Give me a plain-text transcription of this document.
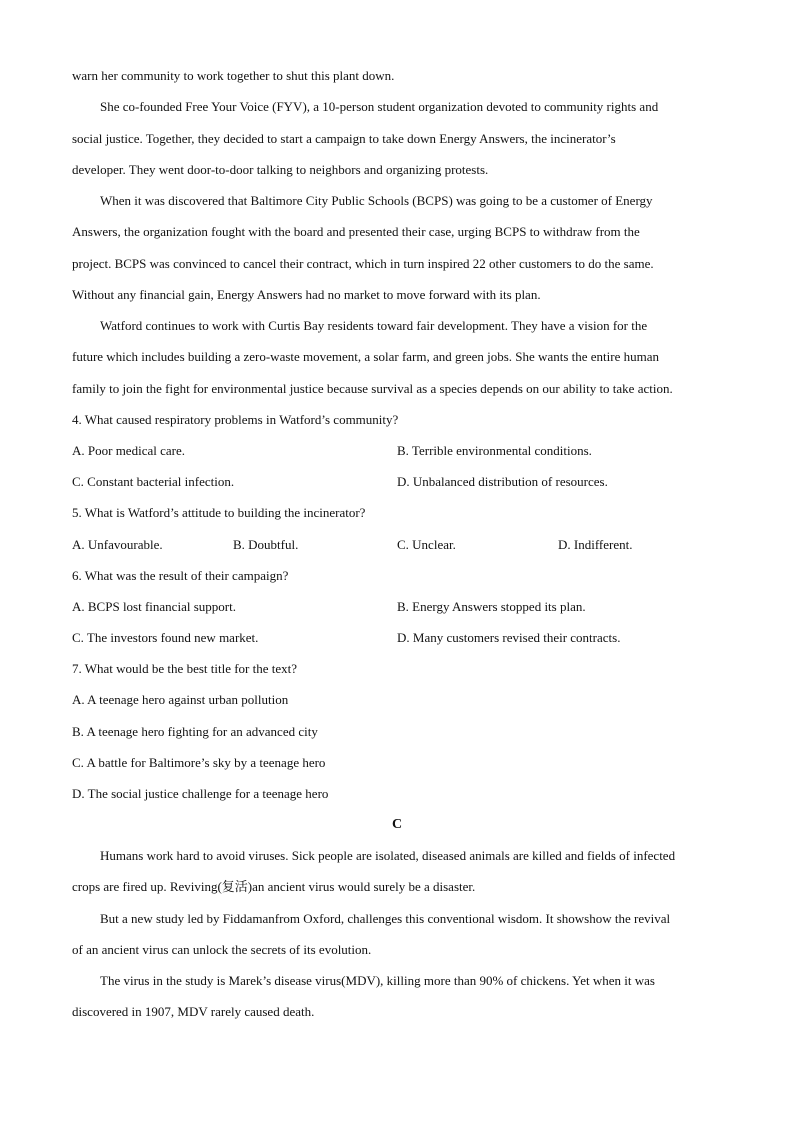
warn her community to work together to shut this plant down.
She co-founded Free Your Voice (FYV), a 10-person student organization devoted to community rights and
social justice. Together, they decided to start a campaign to take down Energy Answers, the incinerator’s
developer. They went door-to-door talking to neighbors and organizing protests.
When it was discovered that Baltimore City Public Schools (BCPS) was going to be a customer of Energy
Answers, the organization fought with the board and presented their case, urging BCPS to withdraw from the
project. BCPS was convinced to cancel their contract, which in turn inspired 22 other customers to do the same.
Without any financial gain, Energy Answers had no market to move forward with its plan.
Watford continues to work with Curtis Bay residents toward fair development. They have a vision for the
future which includes building a zero-waste movement, a solar farm, and green jobs. She wants the entire human
family to join the fight for environmental justice because survival as a species depends on our ability to take action.
4. What caused respiratory problems in Watford’s community?
A. Poor medical care.	B. Terrible environmental conditions.
C. Constant bacterial infection.	D. Unbalanced distribution of resources.
5. What is Watford’s attitude to building the incinerator?
A. Unfavourable.	B. Doubtful.	C. Unclear.	D. Indifferent.
6. What was the result of their campaign?
A. BCPS lost financial support.	B. Energy Answers stopped its plan.
C. The investors found new market.	D. Many customers revised their contracts.
7. What would be the best title for the text?
A. A teenage hero against urban pollution
B. A teenage hero fighting for an advanced city
C. A battle for Baltimore’s sky by a teenage hero
D. The social justice challenge for a teenage hero
C
Humans work hard to avoid viruses. Sick people are isolated, diseased animals are killed and fields of infected
crops are fired up. Reviving(复活)an ancient virus would surely be a disaster.
But a new study led by Fiddamanfrom Oxford, challenges this conventional wisdom. It showshow the revival
of an ancient virus can unlock the secrets of its evolution.
The virus in the study is Marek’s disease virus(MDV), killing more than 90% of chickens. Yet when it was
discovered in 1907, MDV rarely caused death.
